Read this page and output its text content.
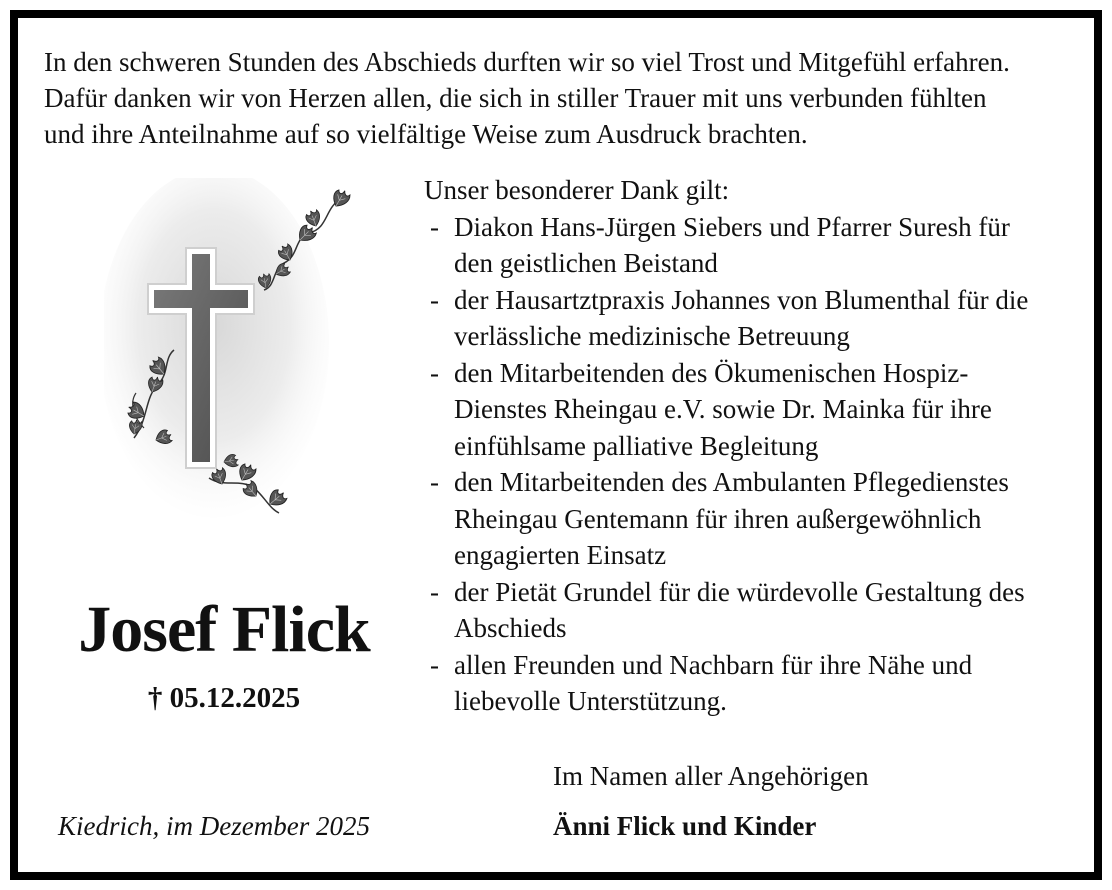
In den schweren Stunden des Abschieds durften wir so viel Trost und Mitgefühl erfahren.
Dafür danken wir von Herzen allen, die sich in stiller Trauer mit uns verbunden fühlten
und ihre Anteilnahme auf so vielfältige Weise zum Ausdruck brachten.
Unser besonderer Dank gilt:
- Diakon Hans-Jürgen Siebers und Pfarrer Suresh für
den geistlichen Beistand
- der Hausartztpraxis Johannes von Blumenthal für die
verlässliche medizinische Betreuung
- den Mitarbeitenden des Ökumenischen Hospiz-
Dienstes Rheingau e.V. sowie Dr. Mainka für ihre
einfühlsame palliative Begleitung
- den Mitarbeitenden des Ambulanten Pflegedienstes
Rheingau Gentemann für ihren außergewöhnlich
engagierten Einsatz
- der Pietät Grundel für die würdevolle Gestaltung des
Abschieds
- allen Freunden und Nachbarn für ihre Nähe und
liebevolle Unterstützung.
Josef Flick
† 05.12.2025
Kiedrich, im Dezember 2025
Im Namen aller Angehörigen
Änni Flick und Kinder
